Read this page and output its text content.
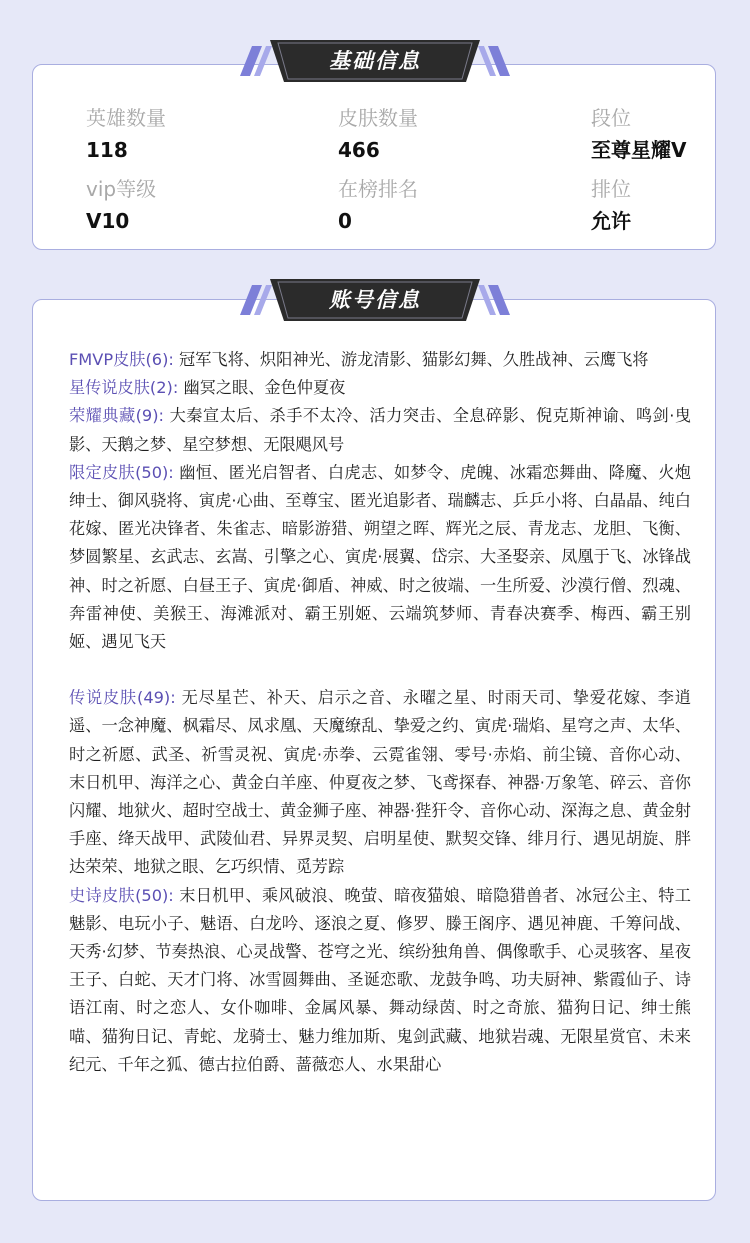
英雄数量
118
皮肤数量
466
段位
至尊星耀V
vip等级
V10
在榜排名
0
排位
允许

FMVP皮肤(6): 冠军飞将、炽阳神光、游龙清影、猫影幻舞、久胜战神、云鹰飞将

星传说皮肤(2): 幽冥之眼、金色仲夏夜

荣耀典藏(9): 大秦宣太后、杀手不太冷、活力突击、全息碎影、倪克斯神谕、鸣剑·曳影、天鹅之梦、星空梦想、无限飓风号

限定皮肤(50): 幽恒、匿光启智者、白虎志、如梦令、虎魄、冰霜恋舞曲、降魔、火炮绅士、御风骁将、寅虎·心曲、至尊宝、匿光追影者、瑞麟志、乒乒小将、白晶晶、纯白花嫁、匿光决锋者、朱雀志、暗影游猎、朔望之晖、辉光之辰、青龙志、龙胆、飞衡、梦圆繁星、玄武志、玄嵩、引擎之心、寅虎·展翼、岱宗、大圣娶亲、凤凰于飞、冰锋战神、时之祈愿、白昼王子、寅虎·御盾、神威、时之彼端、一生所爱、沙漠行僧、烈魂、奔雷神使、美猴王、海滩派对、霸王别姬、云端筑梦师、青春决赛季、梅西、霸王别姬、遇见飞天

传说皮肤(49): 无尽星芒、补天、启示之音、永曜之星、时雨天司、挚爱花嫁、李逍遥、一念神魔、枫霜尽、凤求凰、天魔缭乱、挚爱之约、寅虎·瑞焰、星穹之声、太华、时之祈愿、武圣、祈雪灵祝、寅虎·赤拳、云霓雀翎、零号·赤焰、前尘镜、音你心动、末日机甲、海洋之心、黄金白羊座、仲夏夜之梦、飞鸢探春、神器·万象笔、碎云、音你闪耀、地狱火、超时空战士、黄金狮子座、神器·狴犴令、音你心动、深海之息、黄金射手座、绛天战甲、武陵仙君、异界灵契、启明星使、默契交锋、绯月行、遇见胡旋、胖达荣荣、地狱之眼、乞巧织情、觅芳踪

史诗皮肤(50): 末日机甲、乘风破浪、晚萤、暗夜猫娘、暗隐猎兽者、冰冠公主、特工魅影、电玩小子、魅语、白龙吟、逐浪之夏、修罗、滕王阁序、遇见神鹿、千筹问战、天秀·幻梦、节奏热浪、心灵战警、苍穹之光、缤纷独角兽、偶像歌手、心灵骇客、星夜王子、白蛇、天才门将、冰雪圆舞曲、圣诞恋歌、龙鼓争鸣、功夫厨神、紫霞仙子、诗语江南、时之恋人、女仆咖啡、金属风暴、舞动绿茵、时之奇旅、猫狗日记、绅士熊喵、猫狗日记、青蛇、龙骑士、魅力维加斯、鬼剑武藏、地狱岩魂、无限星赏官、未来纪元、千年之狐、德古拉伯爵、蔷薇恋人、水果甜心

基础信息
账号信息
